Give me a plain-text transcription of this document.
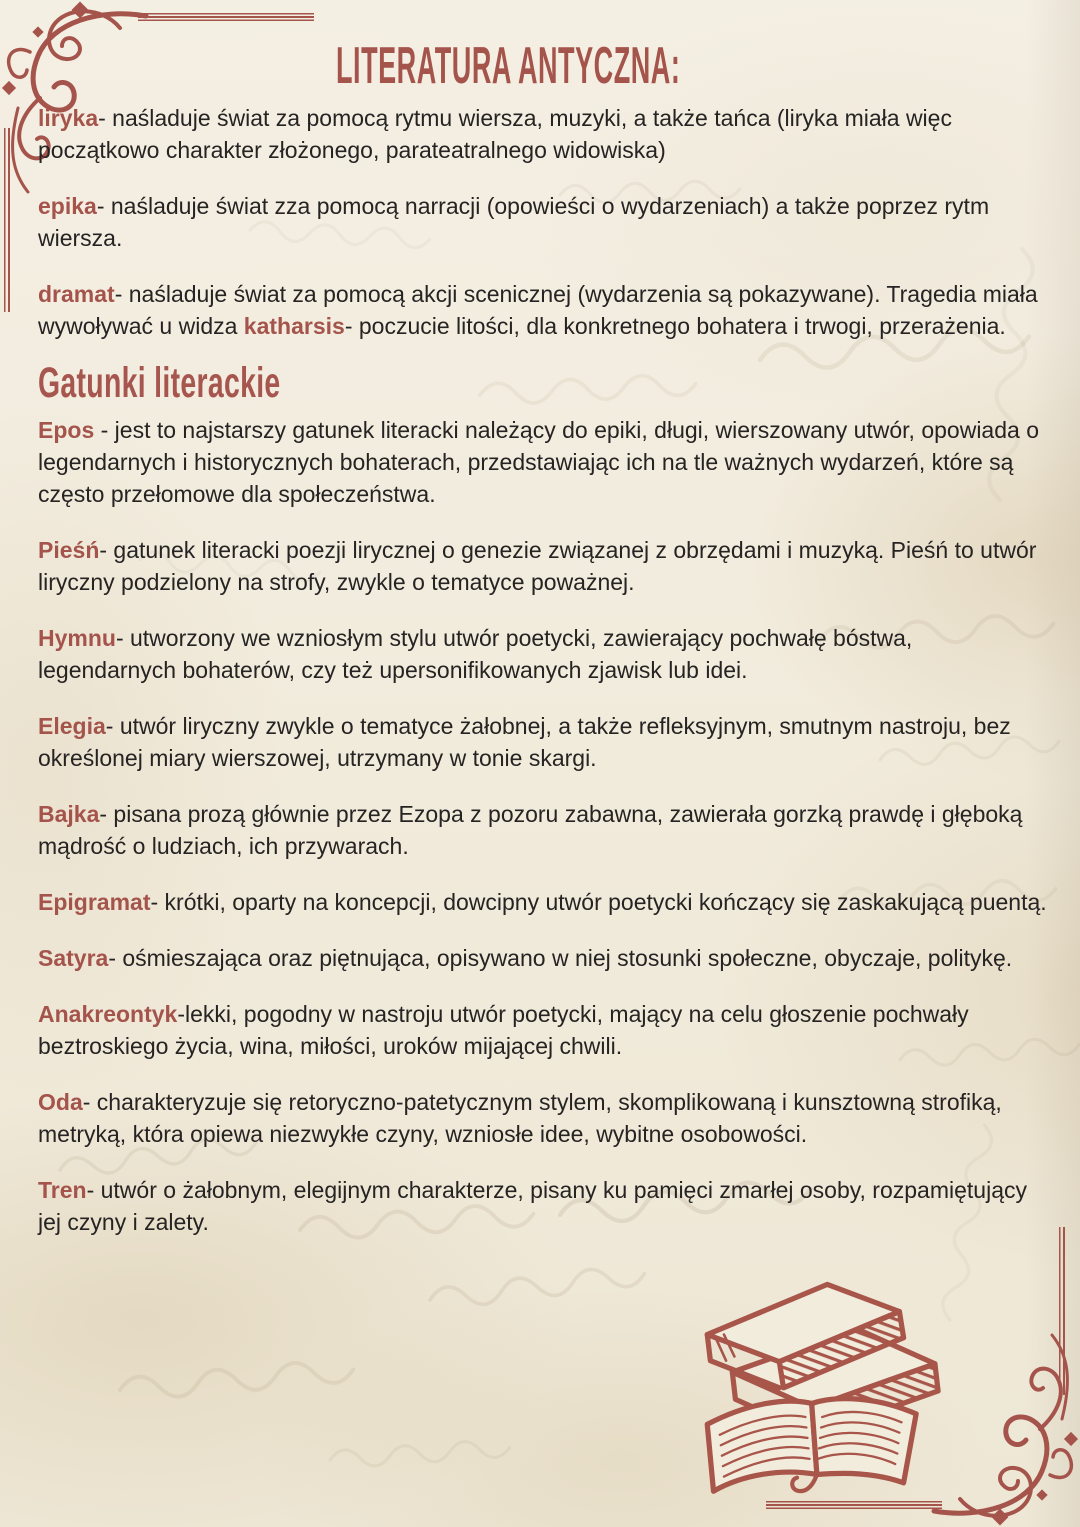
LITERATURA ANTYCZNA:

liryka- naśladuje świat za pomocą rytmu wiersza, muzyki, a także tańca (liryka miała więc początkowo charakter złożonego, parateatralnego widowiska)

epika- naśladuje świat zza pomocą narracji (opowieści o wydarzeniach) a także poprzez rytm wiersza.

dramat- naśladuje świat za pomocą akcji scenicznej (wydarzenia są pokazywane). Tragedia miała wywoływać u widza katharsis- poczucie litości, dla konkretnego bohatera i trwogi, przerażenia.

Gatunki literackie

Epos - jest to najstarszy gatunek literacki należący do epiki, długi, wierszowany utwór, opowiada o legendarnych i historycznych bohaterach, przedstawiając ich na tle ważnych wydarzeń, które są często przełomowe dla społeczeństwa.

Pieśń- gatunek literacki poezji lirycznej o genezie związanej z obrzędami i muzyką. Pieśń to utwór liryczny podzielony na strofy, zwykle o tematyce poważnej.

Hymnu- utworzony we wzniosłym stylu utwór poetycki, zawierający pochwałę bóstwa, legendarnych bohaterów, czy też upersonifikowanych zjawisk lub idei.

Elegia- utwór liryczny zwykle o tematyce żałobnej, a także refleksyjnym, smutnym nastroju, bez określonej miary wierszowej, utrzymany w tonie skargi.

Bajka- pisana prozą głównie przez Ezopa z pozoru zabawna, zawierała gorzką prawdę i głęboką mądrość o ludziach, ich przywarach.

Epigramat- krótki, oparty na koncepcji, dowcipny utwór poetycki kończący się zaskakującą puentą.

Satyra- ośmieszająca oraz piętnująca, opisywano w niej stosunki społeczne, obyczaje, politykę.

Anakreontyk-lekki, pogodny w nastroju utwór poetycki, mający na celu głoszenie pochwały beztroskiego życia, wina, miłości, uroków mijającej chwili.

Oda- charakteryzuje się retoryczno-patetycznym stylem, skomplikowaną i kunsztowną strofiką, metryką, która opiewa niezwykłe czyny, wzniosłe idee, wybitne osobowości.

Tren- utwór o żałobnym, elegijnym charakterze, pisany ku pamięci zmarłej osoby, rozpamiętujący jej czyny i zalety.
